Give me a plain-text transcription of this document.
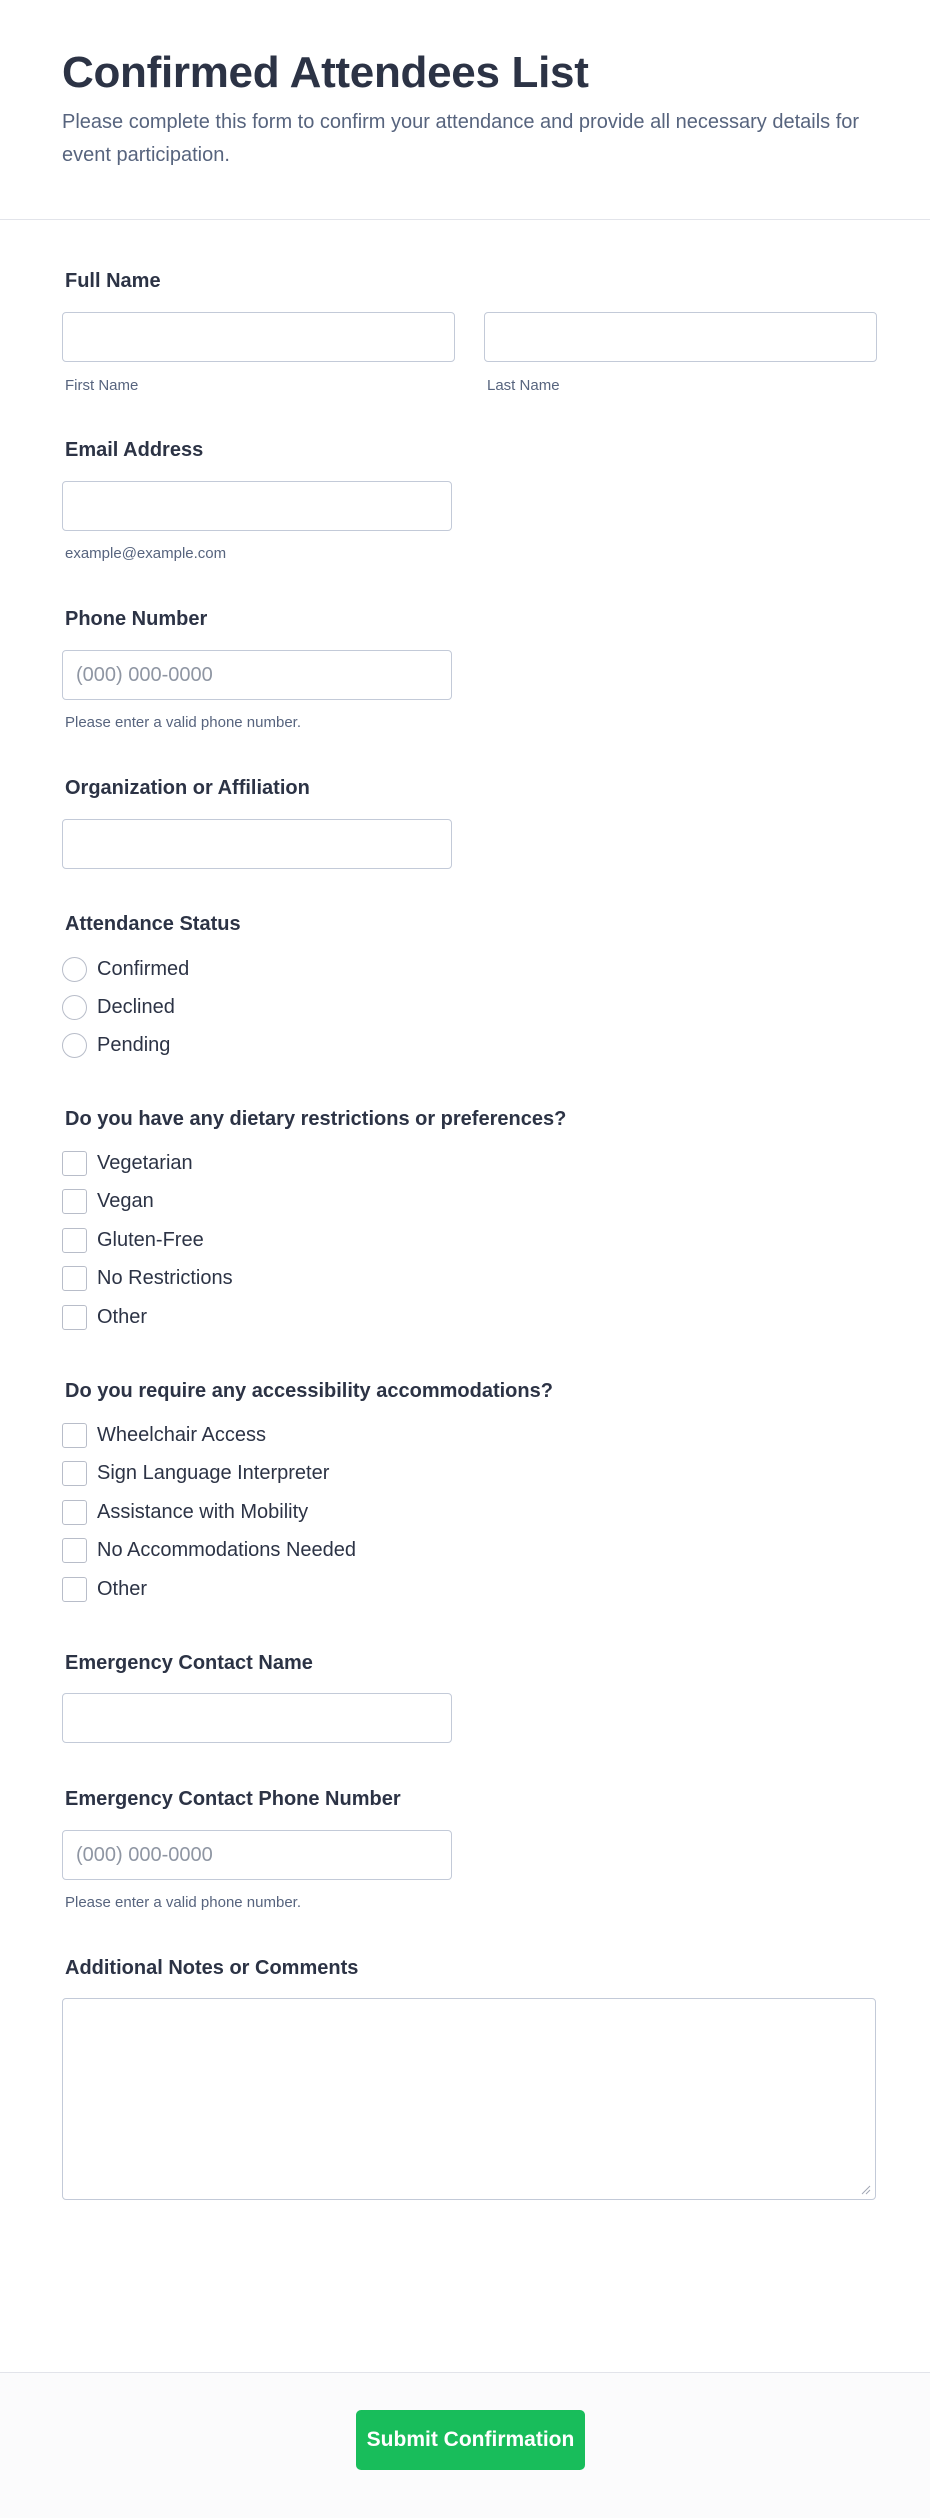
Confirmed Attendees List

Please complete this form to confirm your attendance and provide all necessary details for event participation.

Full Name
First Name	Last Name
Email Address
example@example.com
Phone Number
(000) 000-0000
Please enter a valid phone number.
Organization or Affiliation
Attendance Status
Confirmed
Declined
Pending
Do you have any dietary restrictions or preferences?
Vegetarian
Vegan
Gluten-Free
No Restrictions
Other
Do you require any accessibility accommodations?
Wheelchair Access
Sign Language Interpreter
Assistance with Mobility
No Accommodations Needed
Other
Emergency Contact Name
Emergency Contact Phone Number
(000) 000-0000
Please enter a valid phone number.
Additional Notes or Comments
Submit Confirmation
